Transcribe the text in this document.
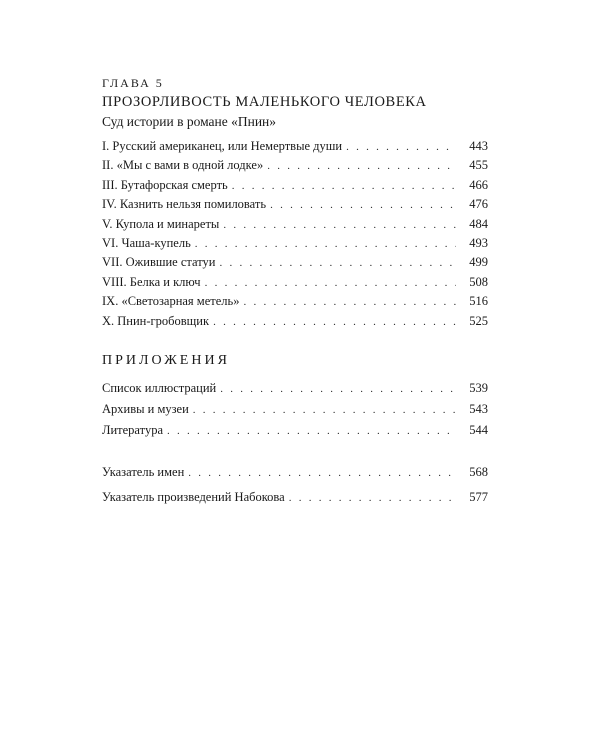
ГЛАВА 5
ПРОЗОРЛИВОСТЬ МАЛЕНЬКОГО ЧЕЛОВЕКА
Суд истории в романе «Пнин»
I. Русский американец, или Немертвые души . . .	443
II. «Мы с вами в одной лодке» . . .	455
III. Бутафорская смерть . . .	466
IV. Казнить нельзя помиловать . . .	476
V. Купола и минареты . . .	484
VI. Чаша-купель . . .	493
VII. Ожившие статуи . . .	499
VIII. Белка и ключ . . .	508
IX. «Светозарная метель» . . .	516
X. Пнин-гробовщик . . .	525
ПРИЛОЖЕНИЯ
Список иллюстраций . . .	539
Архивы и музеи . . .	543
Литература . . .	544
Указатель имен . . .	568
Указатель произведений Набокова . . .	577
